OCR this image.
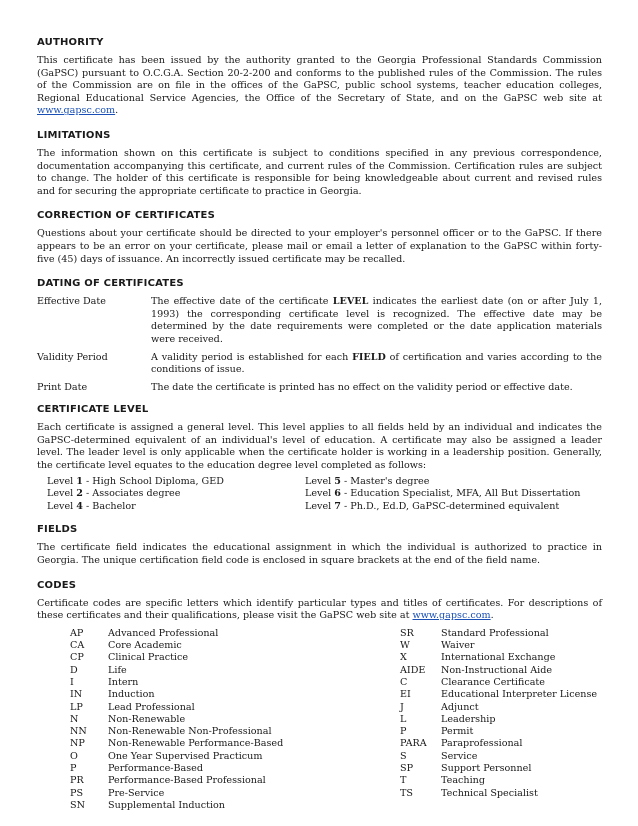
AUTHORITY

This certificate has been issued by the authority granted to the Georgia Professional Standards Commission (GaPSC) pursuant to O.C.G.A. Section 20-2-200 and conforms to the published rules of the Commission. The rules of the Commission are on file in the offices of the GaPSC, public school systems, teacher education colleges, Regional Educational Service Agencies, the Office of the Secretary of State, and on the GaPSC web site at www.gapsc.com.

LIMITATIONS

The information shown on this certificate is subject to conditions specified in any previous correspondence, documentation accompanying this certificate, and current rules of the Commission. Certification rules are subject to change. The holder of this certificate is responsible for being knowledgeable about current and revised rules and for securing the appropriate certificate to practice in Georgia.

CORRECTION OF CERTIFICATES

Questions about your certificate should be directed to your employer's personnel officer or to the GaPSC. If there appears to be an error on your certificate, please mail or email a letter of explanation to the GaPSC within forty-five (45) days of issuance. An incorrectly issued certificate may be recalled.

DATING OF CERTIFICATES
Effective Date	The effective date of the certificate LEVEL indicates the earliest date (on or after July 1, 1993) the corresponding certificate level is recognized. The effective date may be determined by the date requirements were completed or the date application materials were received.
Validity Period	A validity period is established for each FIELD of certification and varies according to the conditions of issue.
Print Date	The date the certificate is printed has no effect on the validity period or effective date.
CERTIFICATE LEVEL

Each certificate is assigned a general level. This level applies to all fields held by an individual and indicates the GaPSC-determined equivalent of an individual's level of education. A certificate may also be assigned a leader level. The leader level is only applicable when the certificate holder is working in a leadership position. Generally, the certificate level equates to the education degree level completed as follows:

Level 1 - High School Diploma, GED
Level 2 - Associates degree
Level 4 - Bachelor
Level 5 - Master's degree
Level 6 - Education Specialist, MFA, All But Dissertation
Level 7 - Ph.D., Ed.D, GaPSC-determined equivalent
FIELDS

The certificate field indicates the educational assignment in which the individual is authorized to practice in Georgia. The unique certification field code is enclosed in square brackets at the end of the field name.

CODES

Certificate codes are specific letters which identify particular types and titles of certificates. For descriptions of these certificates and their qualifications, please visit the GaPSC web site at www.gapsc.com.

AP	Advanced Professional
CA	Core Academic
CP	Clinical Practice
D	Life
I	Intern
IN	Induction
LP	Lead Professional
N	Non-Renewable
NN	Non-Renewable Non-Professional
NP	Non-Renewable Performance-Based
O	One Year Supervised Practicum
P	Performance-Based
PR	Performance-Based Professional
PS	Pre-Service
SN	Supplemental Induction
SR	Standard Professional
W	Waiver
X	International Exchange
AIDE	Non-Instructional Aide
C	Clearance Certificate
EI	Educational Interpreter License
J	Adjunct
L	Leadership
P	Permit
PARA	Paraprofessional
S	Service
SP	Support Personnel
T	Teaching
TS	Technical Specialist
